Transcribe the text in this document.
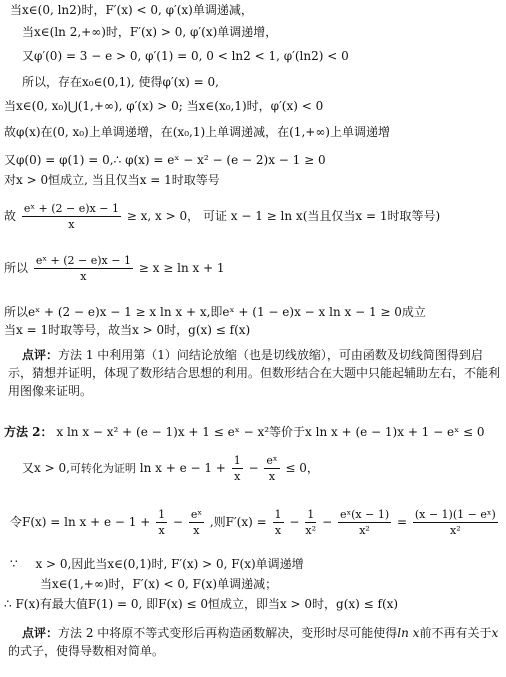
当x∈(0, ln2)时，F′(x) < 0, φ′(x)单调递减，
当x∈(ln 2,+∞)时，F′(x) > 0, φ′(x)单调递增，
又φ′(0) = 3 − e > 0, φ′(1) = 0, 0 < ln2 < 1, φ′(ln2) < 0
所以，存在x₀∈(0,1), 使得φ′(x) = 0,
当x∈(0, x₀)⋃(1,+∞), φ′(x) > 0; 当x∈(x₀,1)时，φ′(x) < 0
故φ(x)在(0, x₀)上单调递增，在(x₀,1)上单调递减，在(1,+∞)上单调递增
又φ(0) = φ(1) = 0,∴ φ(x) = eˣ − x² − (e − 2)x − 1 ≥ 0
对x > 0恒成立, 当且仅当x = 1时取等号
故 $\frac{\text{eˣ + (2 − e)x − 1}}{x} \ge x$, x > 0， 可证 x − 1 ≥ ln x(当且仅当x = 1时取等号)
所以 $\frac{\text{eˣ + (2 − e)x − 1}}{x} \ge x \ge \ln x + 1$
所以eˣ + (2 − e)x − 1 ≥ x ln x + x,即eˣ + (1 − e)x − x ln x − 1 ≥ 0成立
当x = 1时取等号，故当x > 0时，g(x) ≤ f(x)
点评：方法 1 中利用第（1）问结论放缩（也是切线放缩），可由函数及切线简图得到启示，猜想并证明，体现了数形结合思想的利用。但数形结合在大题中只能起辅助左右，不能利用图像来证明。
方法 2： x ln x − x² + (e − 1)x + 1 ≤ eˣ − x²等价于x ln x + (e − 1)x + 1 − eˣ ≤ 0
又x > 0,可转化为证明 $\ln x + e - 1 + \frac{1}{x} - \frac{\text{eˣ}}{x} \le 0$，
令$F(x) = \ln x + e - 1 + \frac{1}{x} - \frac{\text{eˣ}}{x}$ ,则$F'(x) = \frac{1}{x} - \frac{1}{\text{x²}} - \frac{\text{eˣ(x − 1)}}{\text{x²}} = \frac{\text{(x − 1)(1 − eˣ)}}{\text{x²}}$
∵ x > 0,因此当x∈(0,1)时, F′(x) > 0, F(x)单调递增
当x∈(1,+∞)时，F′(x) < 0, F(x)单调递减；
∴ F(x)有最大值F(1) = 0, 即F(x) ≤ 0恒成立，即当x > 0时，g(x) ≤ f(x)
点评：方法 2 中将原不等式变形后再构造函数解决，变形时尽可能使得ln x前不再有关于x的式子，使得导数相对简单。
